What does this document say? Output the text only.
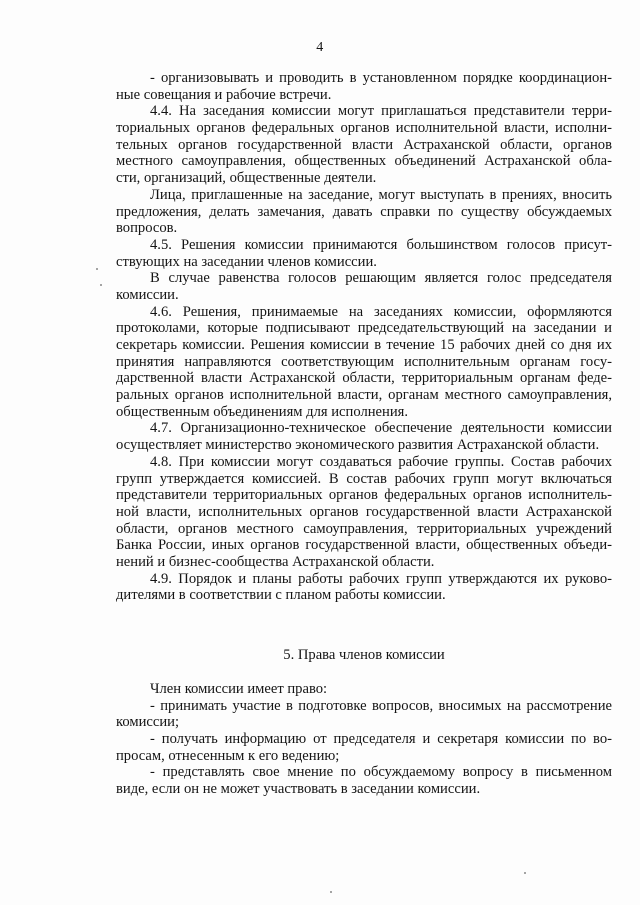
4
- организовывать и проводить в установленном порядке координацион-
ные совещания и рабочие встречи.
4.4. На заседания комиссии могут приглашаться представители терри-
ториальных органов федеральных органов исполнительной власти, исполни-
тельных органов государственной власти Астраханской области, органов
местного самоуправления, общественных объединений Астраханской обла-
сти, организаций, общественные деятели.
Лица, приглашенные на заседание, могут выступать в прениях, вносить
предложения, делать замечания, давать справки по существу обсуждаемых
вопросов.
4.5. Решения комиссии принимаются большинством голосов присут-
ствующих на заседании членов комиссии.
В случае равенства голосов решающим является голос председателя
комиссии.
4.6. Решения, принимаемые на заседаниях комиссии, оформляются
протоколами, которые подписывают председательствующий на заседании и
секретарь комиссии. Решения комиссии в течение 15 рабочих дней со дня их
принятия направляются соответствующим исполнительным органам госу-
дарственной власти Астраханской области, территориальным органам феде-
ральных органов исполнительной власти, органам местного самоуправления,
общественным объединениям для исполнения.
4.7. Организационно-техническое обеспечение деятельности комиссии
осуществляет министерство экономического развития Астраханской области.
4.8. При комиссии могут создаваться рабочие группы. Состав рабочих
групп утверждается комиссией. В состав рабочих групп могут включаться
представители территориальных органов федеральных органов исполнитель-
ной власти, исполнительных органов государственной власти Астраханской
области, органов местного самоуправления, территориальных учреждений
Банка России, иных органов государственной власти, общественных объеди-
нений и бизнес-сообщества Астраханской области.
4.9. Порядок и планы работы рабочих групп утверждаются их руково-
дителями в соответствии с планом работы комиссии.
5. Права членов комиссии
Член комиссии имеет право:
- принимать участие в подготовке вопросов, вносимых на рассмотрение
комиссии;
- получать информацию от председателя и секретаря комиссии по во-
просам, отнесенным к его ведению;
- представлять свое мнение по обсуждаемому вопросу в письменном
виде, если он не может участвовать в заседании комиссии.
